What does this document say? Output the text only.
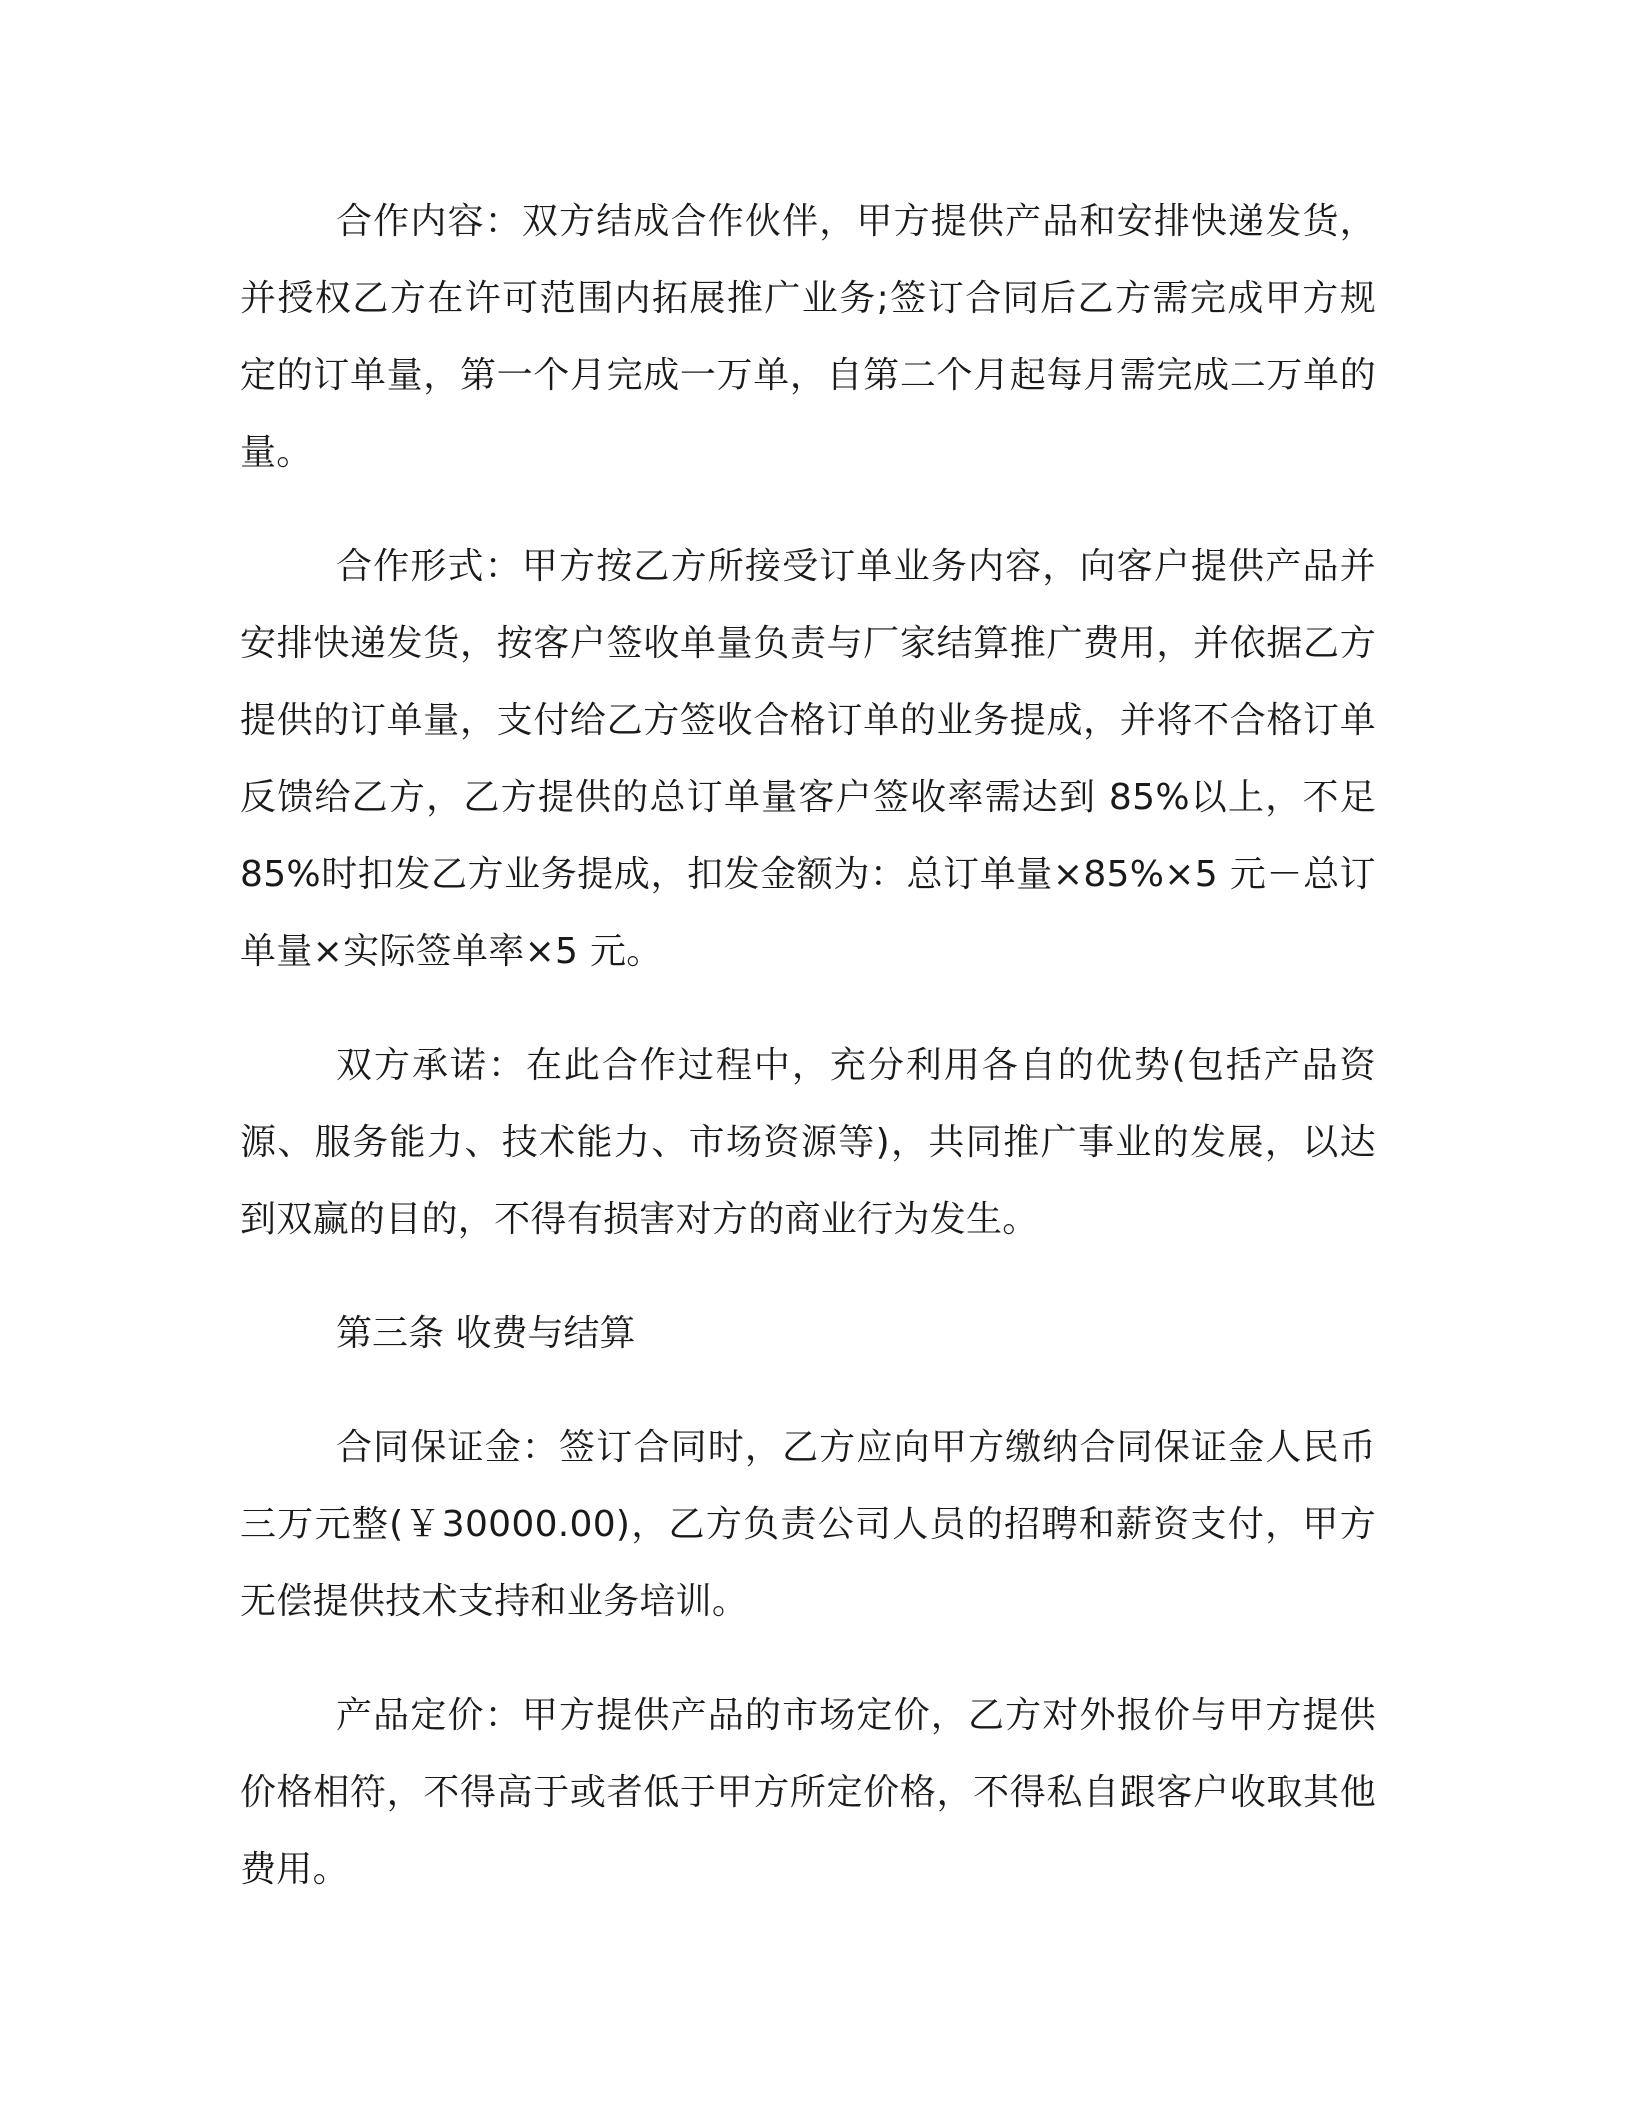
合作内容：双方结成合作伙伴，甲方提供产品和安排快递发货，并授权乙方在许可范围内拓展推广业务;签订合同后乙方需完成甲方规定的订单量，第一个月完成一万单，自第二个月起每月需完成二万单的量。

合作形式：甲方按乙方所接受订单业务内容，向客户提供产品并安排快递发货，按客户签收单量负责与厂家结算推广费用，并依据乙方提供的订单量，支付给乙方签收合格订单的业务提成，并将不合格订单反馈给乙方，乙方提供的总订单量客户签收率需达到 85%以上，不足 85%时扣发乙方业务提成，扣发金额为：总订单量×85%×5 元－总订单量×实际签单率×5 元。

双方承诺：在此合作过程中，充分利用各自的优势(包括产品资源、服务能力、技术能力、市场资源等)，共同推广事业的发展，以达到双赢的目的，不得有损害对方的商业行为发生。

第三条 收费与结算

合同保证金：签订合同时，乙方应向甲方缴纳合同保证金人民币三万元整(￥30000.00)，乙方负责公司人员的招聘和薪资支付，甲方无偿提供技术支持和业务培训。

产品定价：甲方提供产品的市场定价，乙方对外报价与甲方提供价格相符，不得高于或者低于甲方所定价格，不得私自跟客户收取其他费用。
